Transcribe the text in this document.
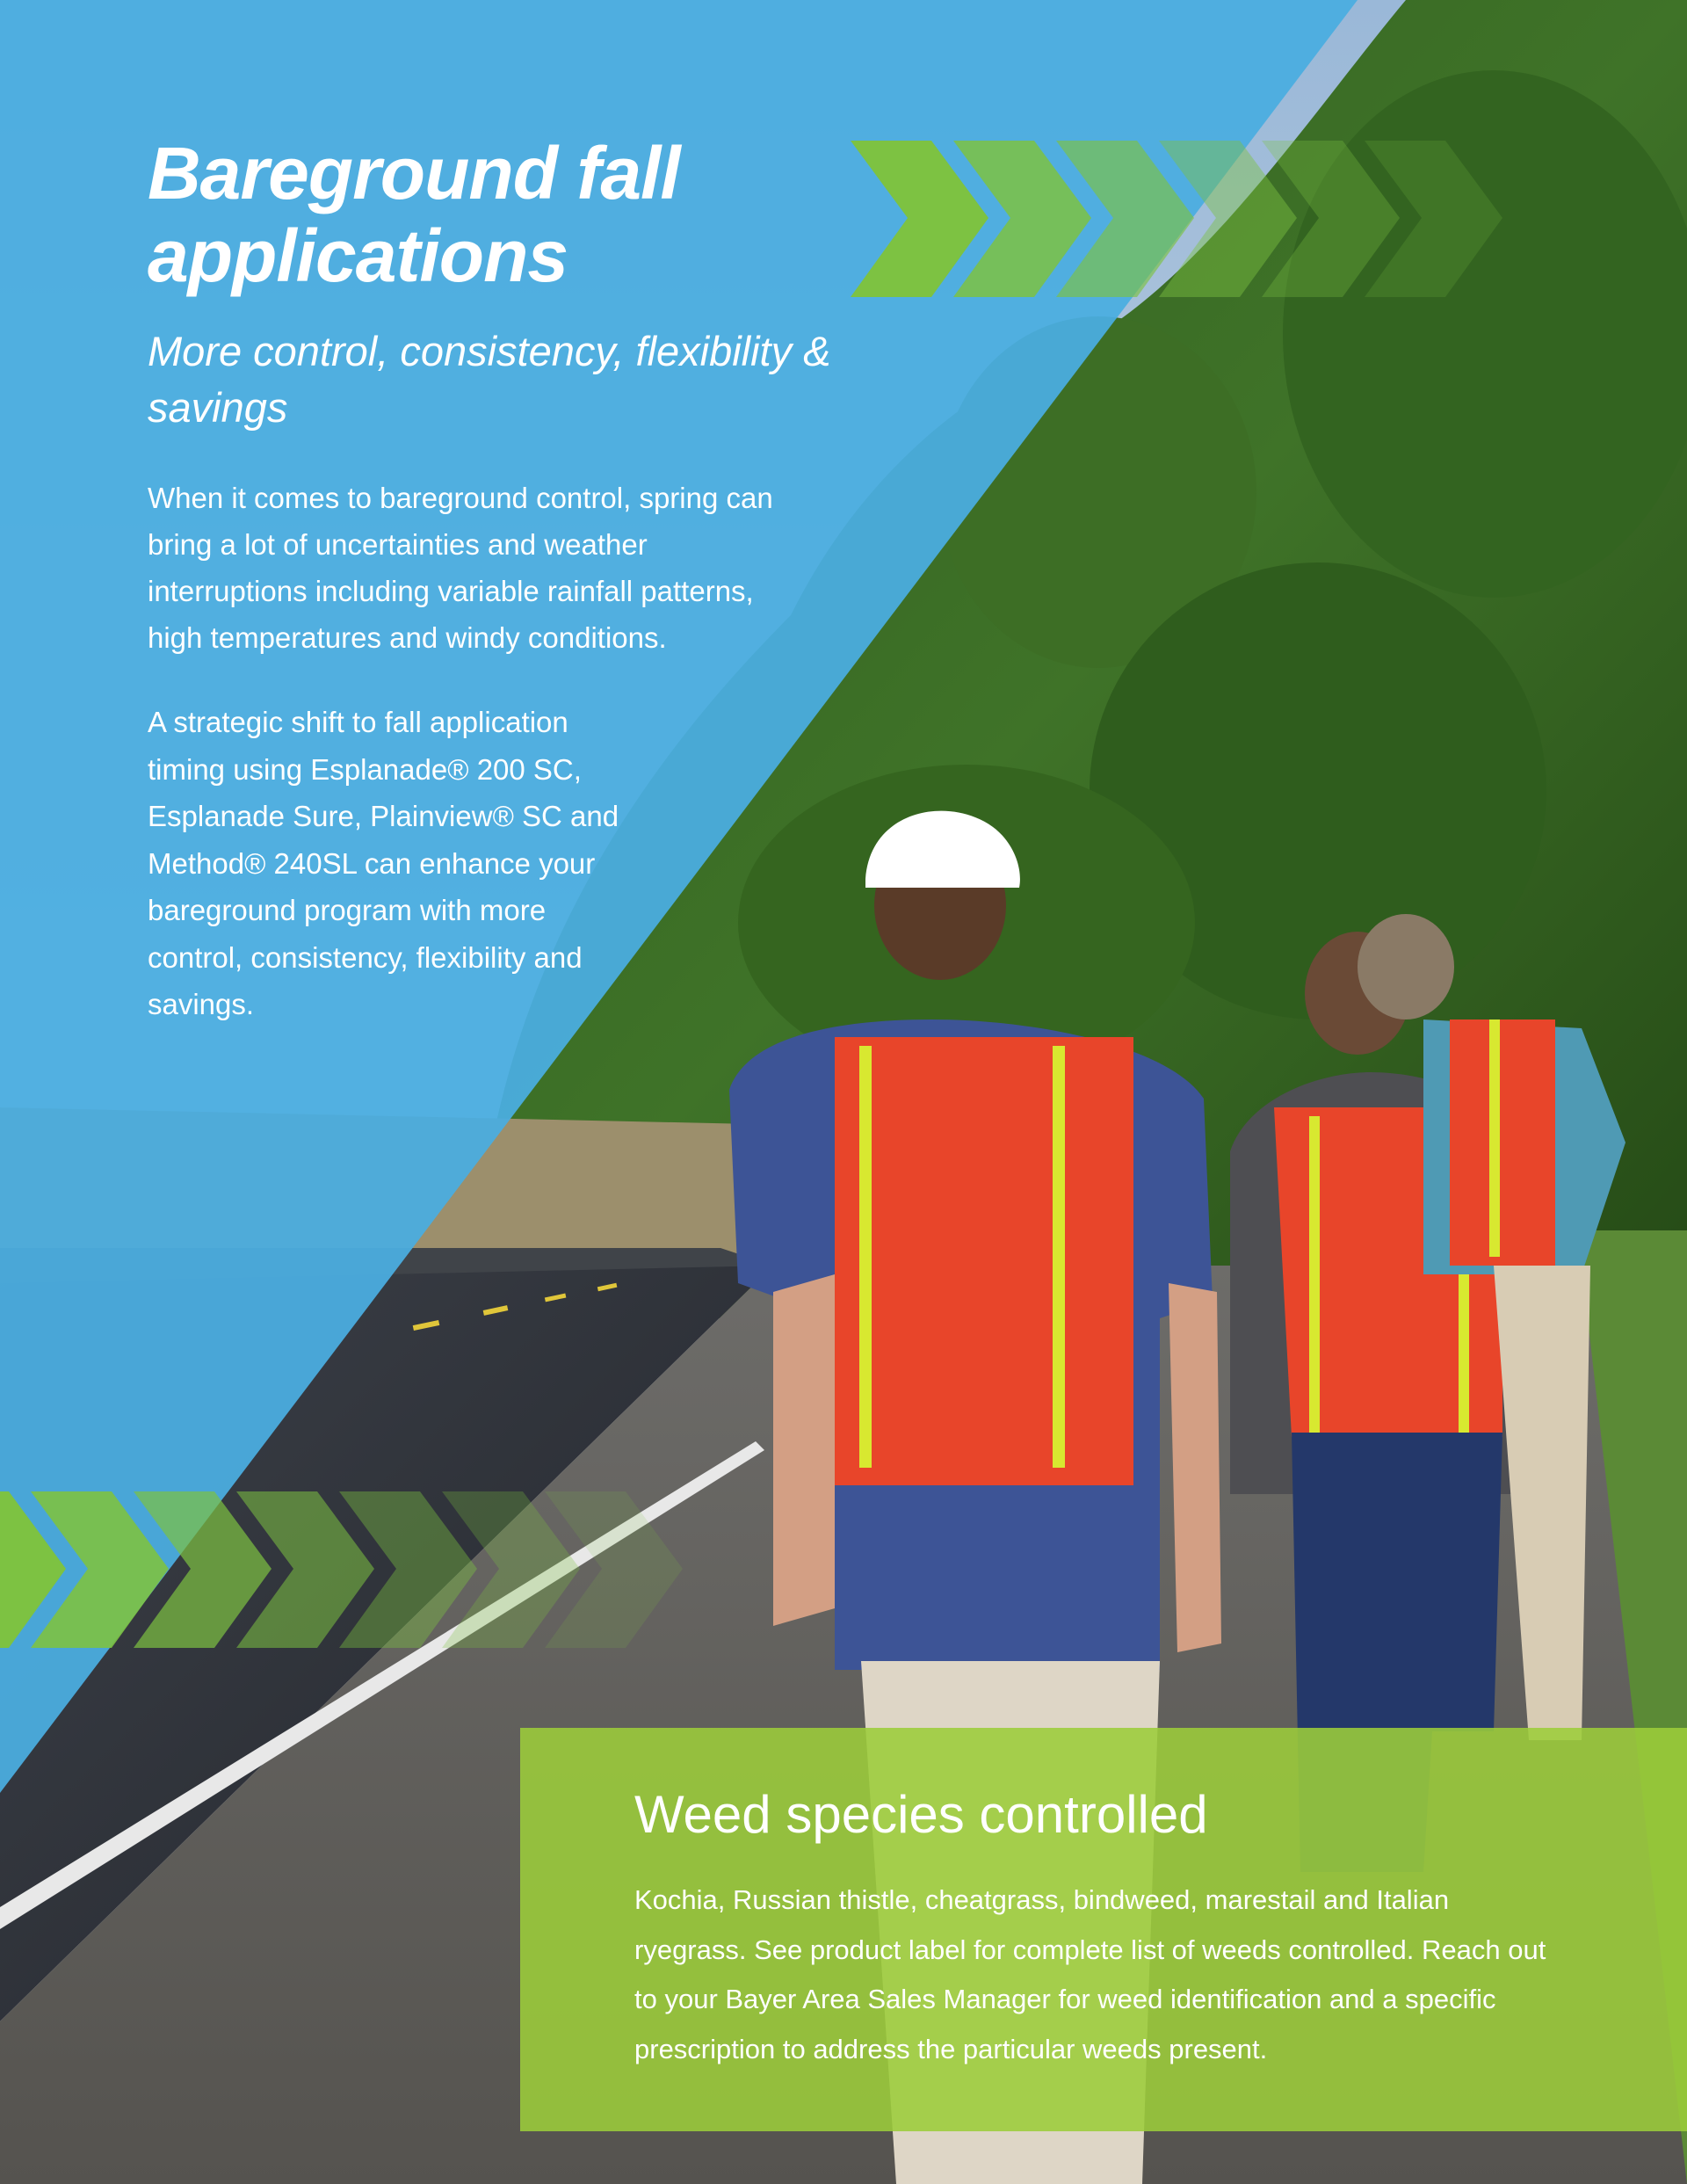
Bareground fall applications
More control, consistency, flexibility & savings
When it comes to bareground control, spring can bring a lot of uncertainties and weather interruptions including variable rainfall patterns, high temperatures and windy conditions.
A strategic shift to fall application timing using Esplanade® 200 SC, Esplanade Sure, Plainview® SC and Method® 240SL can enhance your bareground program with more control, consistency, flexibility and savings.
Weed species controlled
Kochia, Russian thistle, cheatgrass, bindweed, marestail and Italian ryegrass. See product label for complete list of weeds controlled. Reach out to your Bayer Area Sales Manager for weed identification and a specific prescription to address the particular weeds present.
